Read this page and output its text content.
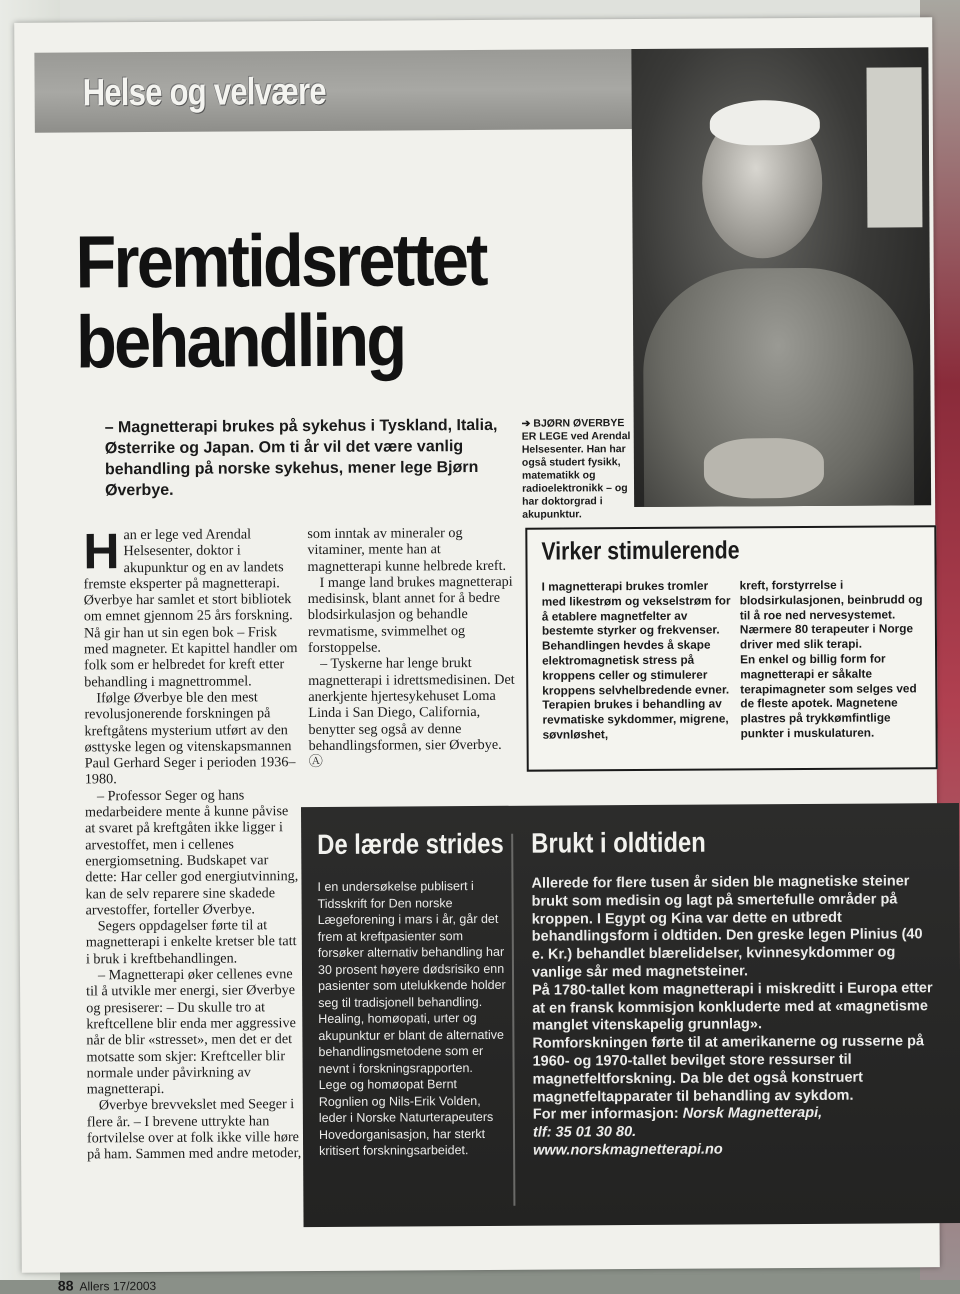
Helse og velvære
Fremtidsrettet
behandling
– Magnetterapi brukes på sykehus i Tyskland, Italia, Østerrike og Japan. Om ti år vil det være vanlig behandling på norske sykehus, mener lege Bjørn Øverbye.
➔ BJØRN ØVERBYE ER LEGE ved Arendal Helsesenter. Han har også studert fysikk, matematikk og radioelektronikk – og har doktorgrad i akupunktur.

Han er lege ved Arendal Helsesenter, doktor i akupunktur og en av landets fremste eksperter på magnetterapi. Øverbye har samlet et stort bibliotek om emnet gjennom 25 års forskning. Nå gir han ut sin egen bok – Frisk med magneter. Et kapittel handler om folk som er helbredet for kreft etter behandling i magnettrommel.

Ifølge Øverbye ble den mest revolusjonerende forskningen på kreftgåtens mysterium utført av den østtyske legen og vitenskapsmannen Paul Gerhard Seger i perioden 1936–1980.

– Professor Seger og hans medarbeidere mente å kunne påvise at svaret på kreftgåten ikke ligger i arvestoffet, men i cellenes energiomsetning. Budskapet var dette: Har celler god energiutvinning, kan de selv reparere sine skadede arvestoffer, forteller Øverbye.

Segers oppdagelser førte til at magnetterapi i enkelte kretser ble tatt i bruk i kreftbehandlingen.

– Magnetterapi øker cellenes evne til å utvikle mer energi, sier Øverbye og presiserer: – Du skulle tro at kreftcellene blir enda mer aggressive når de blir «stresset», men det er det motsatte som skjer: Kreftceller blir normale under påvirkning av magnetterapi.

Øverbye brevvekslet med Seeger i flere år. – I brevene uttrykte han fortvilelse over at folk ikke ville høre på ham. Sammen med andre metoder,

som inntak av mineraler og vitaminer, mente han at magnetterapi kunne helbrede kreft.

I mange land brukes magnetterapi medisinsk, blant annet for å bedre blodsirkulasjon og behandle revmatisme, svimmelhet og forstoppelse.

– Tyskerne har lenge brukt magnetterapi i idrettsmedisinen. Det anerkjente hjertesykehuset Loma Linda i San Diego, California, benytter seg også av denne behandlingsformen, sier Øverbye. Ⓐ

Virker stimulerende

I magnetterapi brukes tromler med likestrøm og vekselstrøm for å etablere magnetfelter av bestemte styrker og frekvenser. Behandlingen hevdes å skape elektromagnetisk stress på kroppens celler og stimulerer kroppens selvhelbredende evner. Terapien brukes i behandling av revmatiske sykdommer, migrene, søvnløshet,

kreft, forstyrrelse i blodsirkulasjonen, beinbrudd og til å roe ned nervesystemet.

Nærmere 80 terapeuter i Norge driver med slik terapi.

En enkel og billig form for magnetterapi er såkalte terapimagneter som selges ved de fleste apotek. Magnetene plastres på trykkømfintlige punkter i muskulaturen.

De lærde strides Brukt i oldtiden

I en undersøkelse publisert i Tidsskrift for Den norske Lægeforening i mars i år, går det frem at kreftpasienter som forsøker alternativ behandling har 30 prosent høyere dødsrisiko enn pasienter som utelukkende holder seg til tradisjonell behandling. Healing, homøopati, urter og akupunktur er blant de alternative behandlingsmetodene som er nevnt i forskningsrapporten.

Lege og homøopat Bernt Rognlien og Nils-Erik Volden, leder i Norske Naturterapeuters Hovedorganisasjon, har sterkt kritisert forskningsarbeidet.

Allerede for flere tusen år siden ble magnetiske steiner brukt som medisin og lagt på smertefulle områder på kroppen. I Egypt og Kina var dette en utbredt behandlingsform i oldtiden. Den greske legen Plinius (40 e. Kr.) behandlet blærelidelser, kvinnesykdommer og vanlige sår med magnetsteiner.

På 1780-tallet kom magnetterapi i miskreditt i Europa etter at en fransk kommisjon konkluderte med at «magnetisme manglet vitenskapelig grunnlag».

Romforskningen førte til at amerikanerne og russerne på 1960- og 1970-tallet bevilget store ressurser til magnetfeltforskning. Da ble det også konstruert magnetfeltapparater til behandling av sykdom.

For mer informasjon: Norsk Magnetterapi,
tlf: 35 01 30 80.
www.norskmagnetterapi.no

88 Allers 17/2003
